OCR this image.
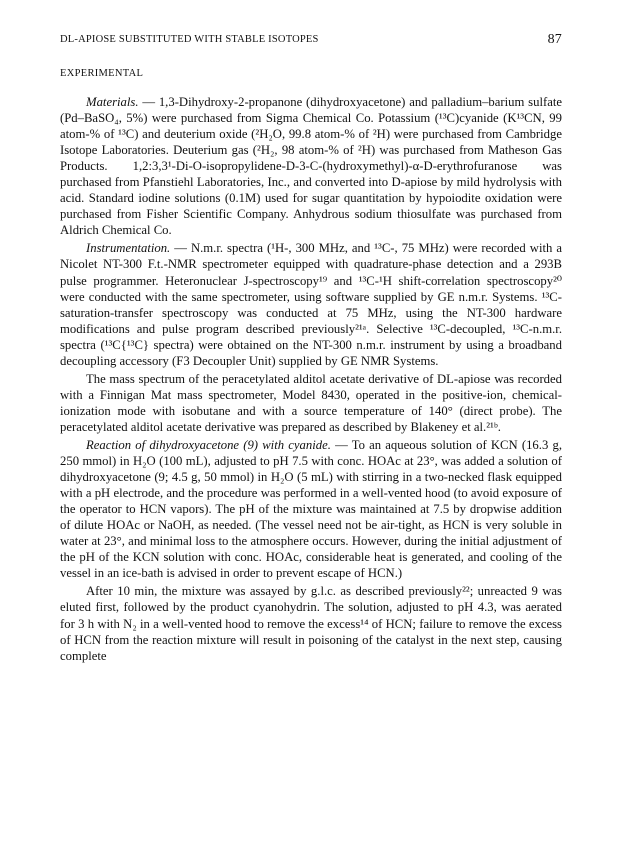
DL-APIOSE SUBSTITUTED WITH STABLE ISOTOPES	87
EXPERIMENTAL

Materials. — 1,3-Dihydroxy-2-propanone (dihydroxyacetone) and palladium–barium sulfate (Pd–BaSO₄, 5%) were purchased from Sigma Chemical Co. Potassium (¹³C)cyanide (K¹³CN, 99 atom-% of ¹³C) and deuterium oxide (²H₂O, 99.8 atom-% of ²H) were purchased from Cambridge Isotope Laboratories. Deuterium gas (²H₂, 98 atom-% of ²H) was purchased from Matheson Gas Products. 1,2:3,3¹-Di-O-isopropylidene-D-3-C-(hydroxymethyl)-α-D-erythrofuranose was purchased from Pfanstiehl Laboratories, Inc., and converted into D-apiose by mild hydrolysis with acid. Standard iodine solutions (0.1M) used for sugar quantitation by hypoiodite oxidation were purchased from Fisher Scientific Company. Anhydrous sodium thiosulfate was purchased from Aldrich Chemical Co.

Instrumentation. — N.m.r. spectra (¹H-, 300 MHz, and ¹³C-, 75 MHz) were recorded with a Nicolet NT-300 F.t.-NMR spectrometer equipped with quadrature-phase detection and a 293B pulse programmer. Heteronuclear J-spectroscopy¹⁹ and ¹³C-¹H shift-correlation spectroscopy²⁰ were conducted with the same spectrometer, using software supplied by GE n.m.r. Systems. ¹³C-saturation-transfer spectroscopy was conducted at 75 MHz, using the NT-300 hardware modifications and pulse program described previously²¹ᵃ. Selective ¹³C-decoupled, ¹³C-n.m.r. spectra (¹³C{¹³C} spectra) were obtained on the NT-300 n.m.r. instrument by using a broadband decoupling accessory (F3 Decoupler Unit) supplied by GE NMR Systems.

The mass spectrum of the peracetylated alditol acetate derivative of DL-apiose was recorded with a Finnigan Mat mass spectrometer, Model 8430, operated in the positive-ion, chemical-ionization mode with isobutane and with a source temperature of 140° (direct probe). The peracetylated alditol acetate derivative was prepared as described by Blakeney et al.²¹ᵇ.

Reaction of dihydroxyacetone (9) with cyanide. — To an aqueous solution of KCN (16.3 g, 250 mmol) in H₂O (100 mL), adjusted to pH 7.5 with conc. HOAc at 23°, was added a solution of dihydroxyacetone (9; 4.5 g, 50 mmol) in H₂O (5 mL) with stirring in a two-necked flask equipped with a pH electrode, and the procedure was performed in a well-vented hood (to avoid exposure of the operator to HCN vapors). The pH of the mixture was maintained at 7.5 by dropwise addition of dilute HOAc or NaOH, as needed. (The vessel need not be air-tight, as HCN is very soluble in water at 23°, and minimal loss to the atmosphere occurs. However, during the initial adjustment of the pH of the KCN solution with conc. HOAc, considerable heat is generated, and cooling of the vessel in an ice-bath is advised in order to prevent escape of HCN.)

After 10 min, the mixture was assayed by g.l.c. as described previously²²; unreacted 9 was eluted first, followed by the product cyanohydrin. The solution, adjusted to pH 4.3, was aerated for 3 h with N₂ in a well-vented hood to remove the excess¹⁴ of HCN; failure to remove the excess of HCN from the reaction mixture will result in poisoning of the catalyst in the next step, causing complete
